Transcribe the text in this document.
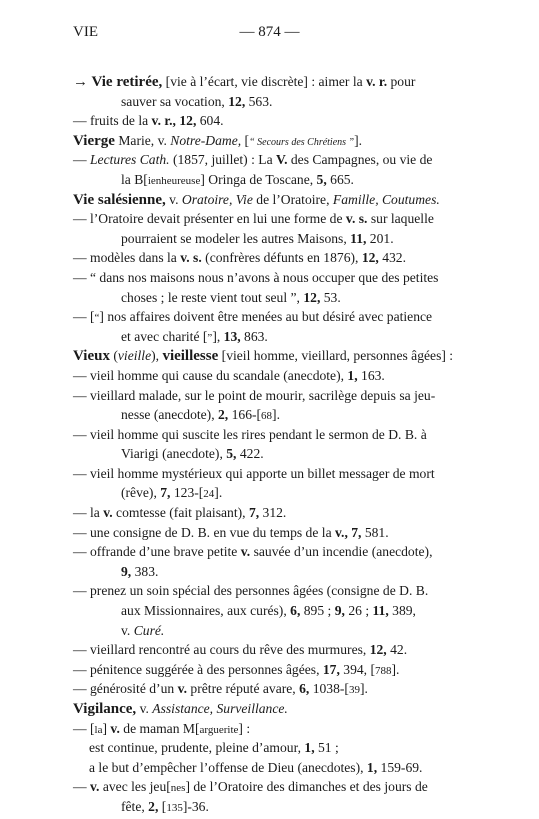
VIE	— 874 —
→ Vie retirée, [vie à l’écart, vie discrète] : aimer la v. r. pour
sauver sa vocation, 12, 563.
— fruits de la v. r., 12, 604.
Vierge Marie, v. Notre-Dame, [“ Secours des Chrétiens ”].
— Lectures Cath. (1857, juillet) : La V. des Campagnes, ou vie de
la B[ienheureuse] Oringa de Toscane, 5, 665.
Vie salésienne, v. Oratoire, Vie de l’Oratoire, Famille, Coutumes.
— l’Oratoire devait présenter en lui une forme de v. s. sur laquelle
pourraient se modeler les autres Maisons, 11, 201.
— modèles dans la v. s. (confrères défunts en 1876), 12, 432.
— “ dans nos maisons nous n’avons à nous occuper que des petites
choses ; le reste vient tout seul ”, 12, 53.
— [“] nos affaires doivent être menées au but désiré avec patience
et avec charité [”], 13, 863.
Vieux (vieille), vieillesse [vieil homme, vieillard, personnes âgées] :
— vieil homme qui cause du scandale (anecdote), 1, 163.
— vieillard malade, sur le point de mourir, sacrilège depuis sa jeu-
nesse (anecdote), 2, 166-[68].
— vieil homme qui suscite les rires pendant le sermon de D. B. à
Viarigi (anecdote), 5, 422.
— vieil homme mystérieux qui apporte un billet messager de mort
(rêve), 7, 123-[24].
— la v. comtesse (fait plaisant), 7, 312.
— une consigne de D. B. en vue du temps de la v., 7, 581.
— offrande d’une brave petite v. sauvée d’un incendie (anecdote),
9, 383.
— prenez un soin spécial des personnes âgées (consigne de D. B.
aux Missionnaires, aux curés), 6, 895 ; 9, 26 ; 11, 389,
v. Curé.
— vieillard rencontré au cours du rêve des murmures, 12, 42.
— pénitence suggérée à des personnes âgées, 17, 394, [788].
— générosité d’un v. prêtre réputé avare, 6, 1038-[39].
Vigilance, v. Assistance, Surveillance.
— [la] v. de maman M[arguerite] :
est continue, prudente, pleine d’amour, 1, 51 ;
a le but d’empêcher l’offense de Dieu (anecdotes), 1, 159-69.
— v. avec les jeu[nes] de l’Oratoire des dimanches et des jours de
fête, 2, [135]-36.
